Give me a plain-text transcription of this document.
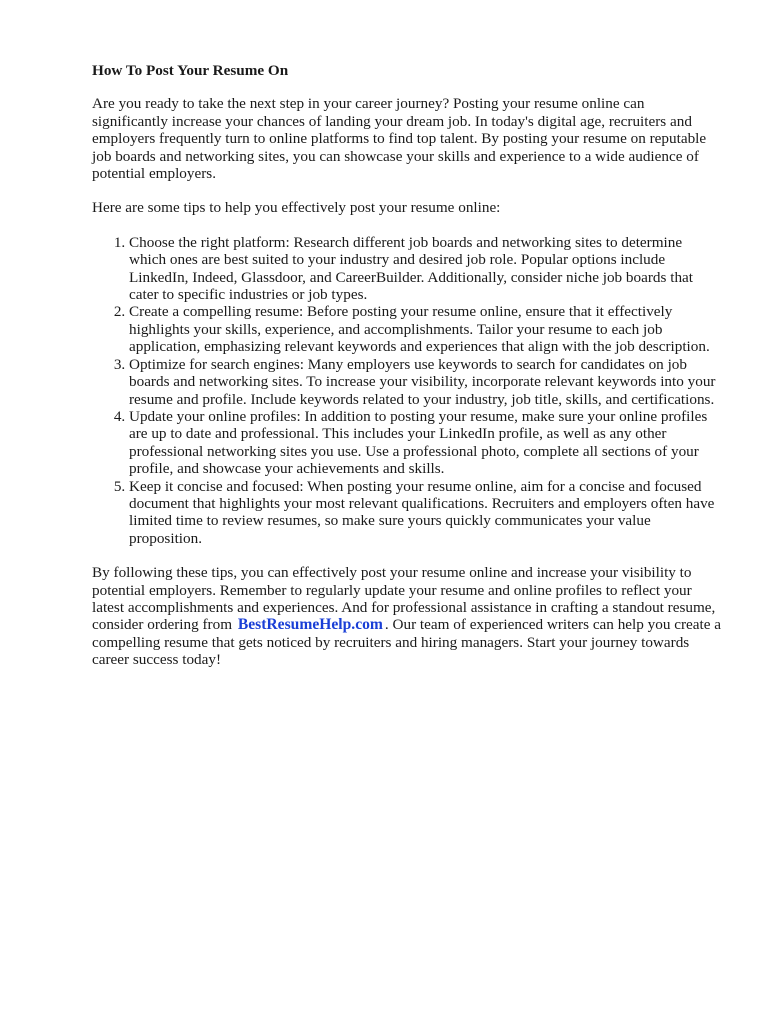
How To Post Your Resume On

Are you ready to take the next step in your career journey? Posting your resume online can significantly increase your chances of landing your dream job. In today's digital age, recruiters and employers frequently turn to online platforms to find top talent. By posting your resume on reputable job boards and networking sites, you can showcase your skills and experience to a wide audience of potential employers.

Here are some tips to help you effectively post your resume online:

1. Choose the right platform: Research different job boards and networking sites to determine which ones are best suited to your industry and desired job role. Popular options include LinkedIn, Indeed, Glassdoor, and CareerBuilder. Additionally, consider niche job boards that cater to specific industries or job types.
2. Create a compelling resume: Before posting your resume online, ensure that it effectively highlights your skills, experience, and accomplishments. Tailor your resume to each job application, emphasizing relevant keywords and experiences that align with the job description.
3. Optimize for search engines: Many employers use keywords to search for candidates on job boards and networking sites. To increase your visibility, incorporate relevant keywords into your resume and profile. Include keywords related to your industry, job title, skills, and certifications.
4. Update your online profiles: In addition to posting your resume, make sure your online profiles are up to date and professional. This includes your LinkedIn profile, as well as any other professional networking sites you use. Use a professional photo, complete all sections of your profile, and showcase your achievements and skills.
5. Keep it concise and focused: When posting your resume online, aim for a concise and focused document that highlights your most relevant qualifications. Recruiters and employers often have limited time to review resumes, so make sure yours quickly communicates your value proposition.

By following these tips, you can effectively post your resume online and increase your visibility to potential employers. Remember to regularly update your resume and online profiles to reflect your latest accomplishments and experiences. And for professional assistance in crafting a standout resume, consider ordering from BestResumeHelp.com . Our team of experienced writers can help you create a compelling resume that gets noticed by recruiters and hiring managers. Start your journey towards career success today!
